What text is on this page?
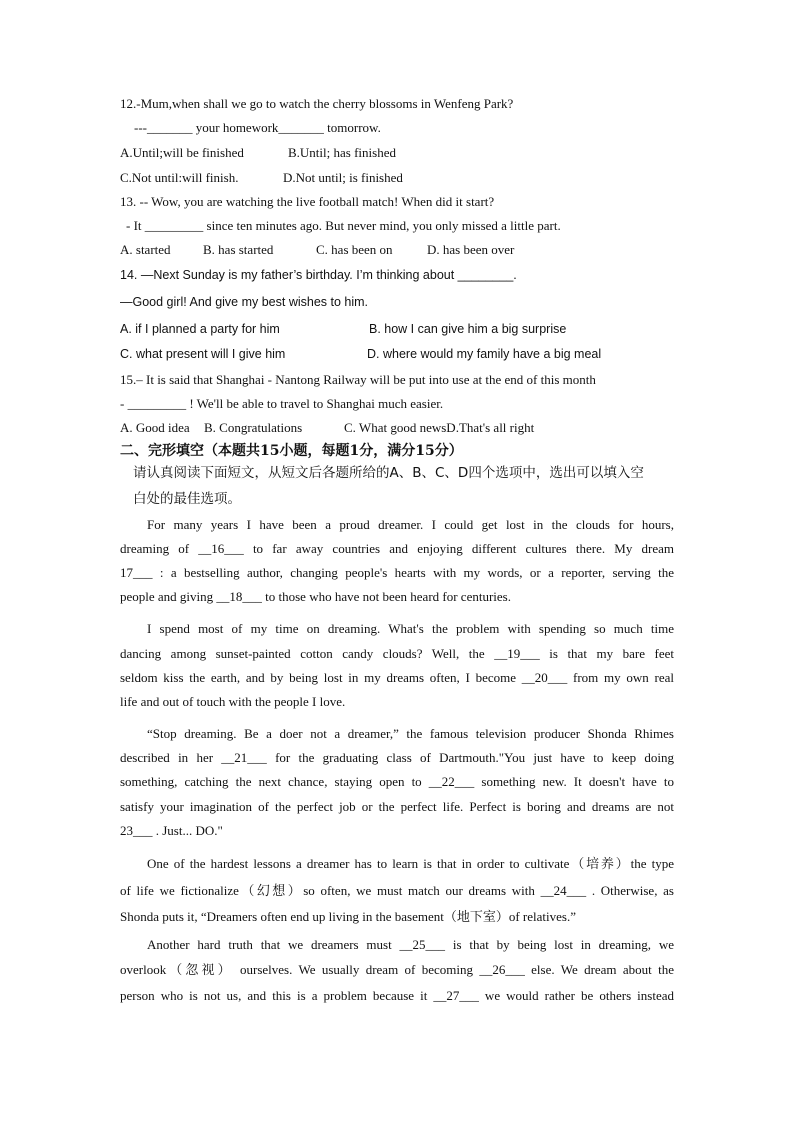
12.-Mum,when shall we go to watch the cherry blossoms in Wenfeng Park?
---_______ your homework_______ tomorrow.
A.Until;will be finished	B.Until; has finished
C.Not until:will finish.	D.Not until; is finished
13. -- Wow, you are watching the live football match! When did it start?
- It _________ since ten minutes ago. But never mind, you only missed a little part.
A. started B. has started	C. has been on	D. has been over
14. —Next Sunday is my father’s birthday. I’m thinking about ________.
—Good girl! And give my best wishes to him.
A. if I planned a party for him	B. how I can give him a big surprise
C. what present will I give him	D. where would my family have a big meal
15.– It is said that Shanghai - Nantong Railway will be put into use at the end of this month
- _________ ! We'll be able to travel to Shanghai much easier.
A. Good idea B. Congratulations	C. What good newsD.That's all right
二、完形填空（本题共15小题，每题1分，满分15分）
请认真阅读下面短文，从短文后各题所给的A、B、C、D四个选项中，选出可以填入空
白处的最佳选项。
For many years I have been a proud dreamer. I could get lost in the clouds for hours,
dreaming of __16___ to far away countries and enjoying different cultures there. My dream
17___ : a bestselling author, changing people's hearts with my words, or a reporter, serving the
people and giving __18___ to those who have not been heard for centuries.
I spend most of my time on dreaming. What's the problem with spending so much time
dancing among sunset-painted cotton candy clouds? Well, the __19___ is that my bare feet
seldom kiss the earth, and by being lost in my dreams often, I become __20___ from my own real
life and out of touch with the people I love.
“Stop dreaming. Be a doer not a dreamer,” the famous television producer Shonda Rhimes
described in her __21___ for the graduating class of Dartmouth."You just have to keep doing
something, catching the next chance, staying open to __22___ something new. It doesn't have to
satisfy your imagination of the perfect job or the perfect life. Perfect is boring and dreams are not
23___ . Just... DO."
One of the hardest lessons a dreamer has to learn is that in order to cultivate（培养）the type
of life we fictionalize（幻想）so often, we must match our dreams with __24___ . Otherwise, as
Shonda puts it, “Dreamers often end up living in the basement（地下室）of relatives.”
Another hard truth that we dreamers must __25___ is that by being lost in dreaming, we
overlook（忽视） ourselves. We usually dream of becoming __26___ else. We dream about the
person who is not us, and this is a problem because it __27___ we would rather be others instead
